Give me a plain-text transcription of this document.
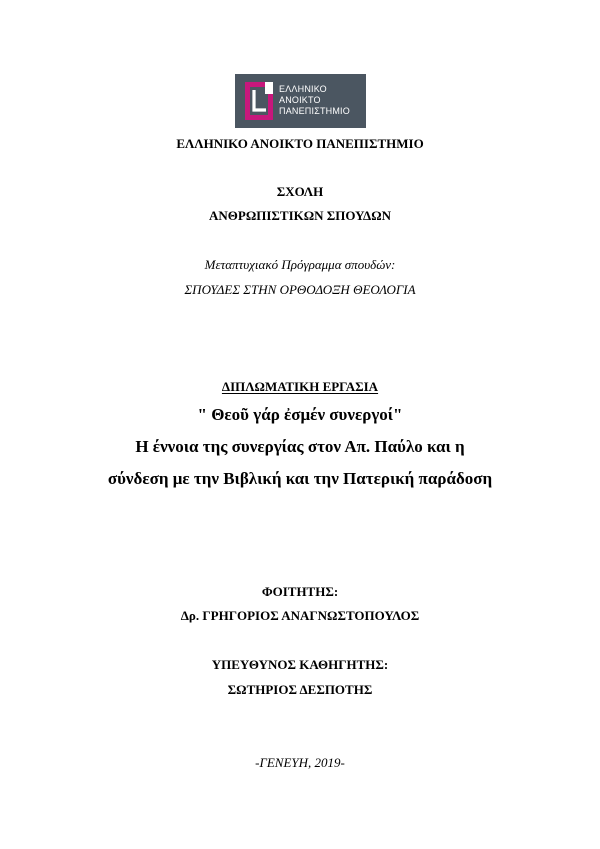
ΕΛΛΗΝΙΚΟ
ΑΝΟΙΚΤΟ
ΠΑΝΕΠΙΣΤΗΜΙΟ
ΕΛΛΗΝΙΚΟ ΑΝΟΙΚΤΟ ΠΑΝΕΠΙΣΤΗΜΙΟ
ΣΧΟΛΗ
ΑΝΘΡΩΠΙΣΤΙΚΩΝ ΣΠΟΥΔΩΝ
Μεταπτυχιακό Πρόγραμμα σπουδών:
ΣΠΟΥΔΕΣ ΣΤΗΝ ΟΡΘΟΔΟΞΗ ΘΕΟΛΟΓΙΑ
ΔΙΠΛΩΜΑΤΙΚΗ ΕΡΓΑΣΙΑ
" Θεοῦ γάρ ἐσμέν συνεργοί"
Η έννοια της συνεργίας στον Απ. Παύλο και η
σύνδεση με την Βιβλική και την Πατερική παράδοση
ΦΟΙΤΗΤΗΣ:
Δρ. ΓΡΗΓΟΡΙΟΣ ΑΝΑΓΝΩΣΤΟΠΟΥΛΟΣ
ΥΠΕΥΘΥΝΟΣ ΚΑΘΗΓΗΤΗΣ:
ΣΩΤΗΡΙΟΣ ΔΕΣΠΟΤΗΣ
-ΓΕΝΕΥΗ, 2019-
